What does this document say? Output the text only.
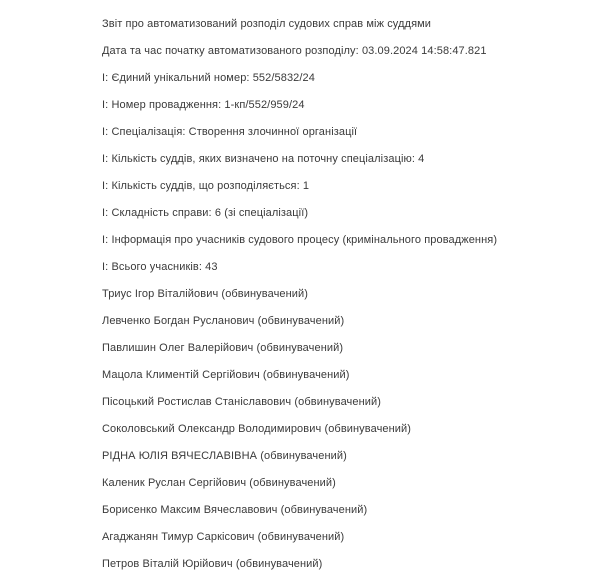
Звіт про автоматизований розподіл судових справ між суддями
Дата та час початку автоматизованого розподілу: 03.09.2024 14:58:47.821
І: Єдиний унікальний номер: 552/5832/24
І: Номер провадження: 1-кп/552/959/24
І: Спеціалізація: Створення злочинної організації
І: Кількість суддів, яких визначено на поточну спеціалізацію: 4
І: Кількість суддів, що розподіляється: 1
І: Складність справи: 6 (зі спеціалізації)
І: Інформація про учасників судового процесу (кримінального провадження)
І: Всього учасників: 43
Триус Ігор Віталійович (обвинувачений)
Левченко Богдан Русланович (обвинувачений)
Павлишин Олег Валерійович (обвинувачений)
Мацола Климентій Сергійович (обвинувачений)
Пісоцький Ростислав Станіславович (обвинувачений)
Соколовський Олександр Володимирович (обвинувачений)
РІДНА ЮЛІЯ ВЯЧЕСЛАВІВНА (обвинувачений)
Каленик Руслан Сергійович (обвинувачений)
Борисенко Максим Вячеславович (обвинувачений)
Агаджанян Тимур Саркісович (обвинувачений)
Петров Віталій Юрійович (обвинувачений)
